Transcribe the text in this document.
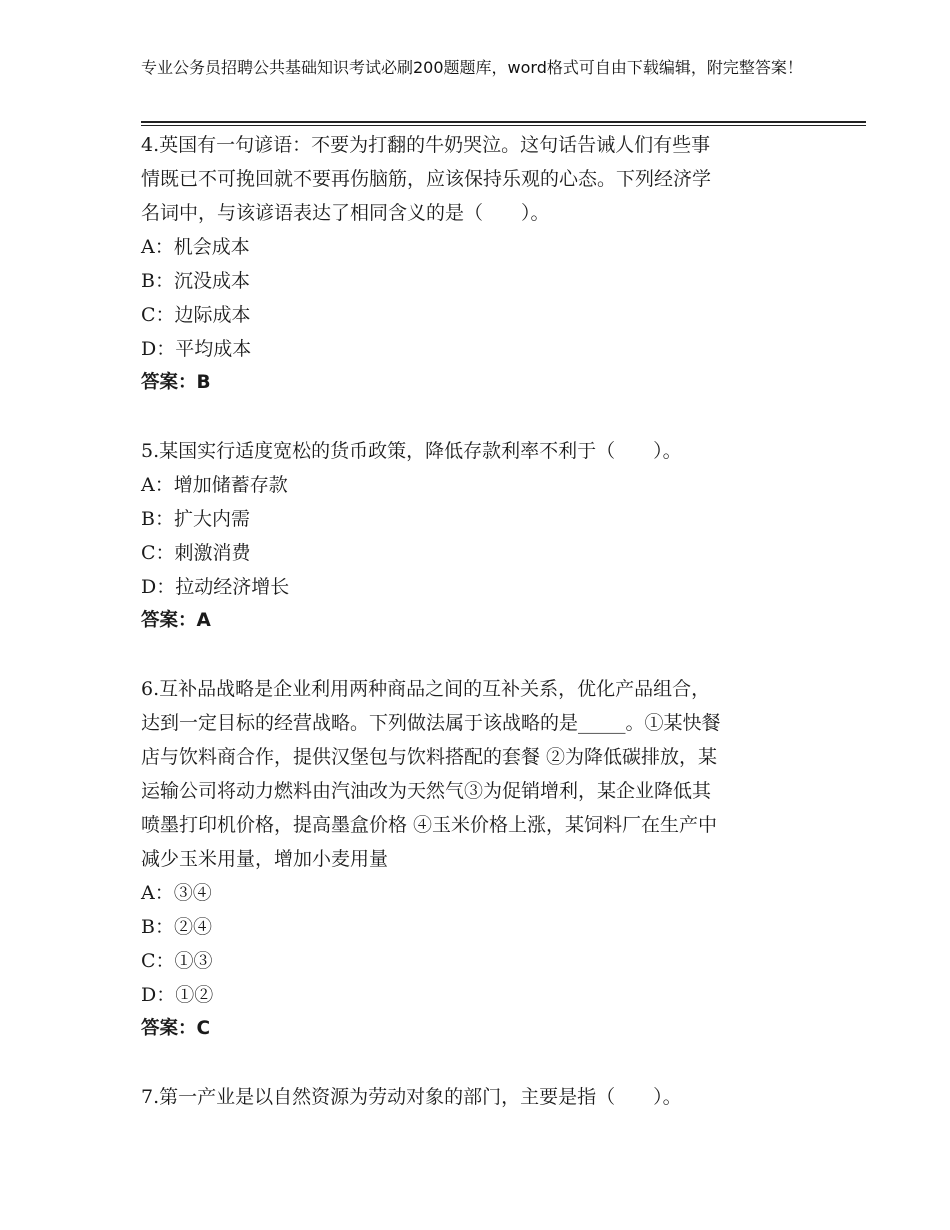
专业公务员招聘公共基础知识考试必刷200题题库，word格式可自由下载编辑，附完整答案！

4.英国有一句谚语：不要为打翻的牛奶哭泣。这句话告诫人们有些事

情既已不可挽回就不要再伤脑筋，应该保持乐观的心态。下列经济学

名词中，与该谚语表达了相同含义的是（　　）。

A：机会成本

B：沉没成本

C：边际成本

D：平均成本

答案：B

5.某国实行适度宽松的货币政策，降低存款利率不利于（　　）。

A：增加储蓄存款

B：扩大内需

C：刺激消费

D：拉动经济增长

答案：A

6.互补品战略是企业利用两种商品之间的互补关系，优化产品组合，

达到一定目标的经营战略。下列做法属于该战略的是_____。①某快餐

店与饮料商合作，提供汉堡包与饮料搭配的套餐 ②为降低碳排放，某

运输公司将动力燃料由汽油改为天然气③为促销增利，某企业降低其

喷墨打印机价格，提高墨盒价格 ④玉米价格上涨，某饲料厂在生产中

减少玉米用量，增加小麦用量

A：③④

B：②④

C：①③

D：①②

答案：C

7.第一产业是以自然资源为劳动对象的部门，主要是指（　　）。
